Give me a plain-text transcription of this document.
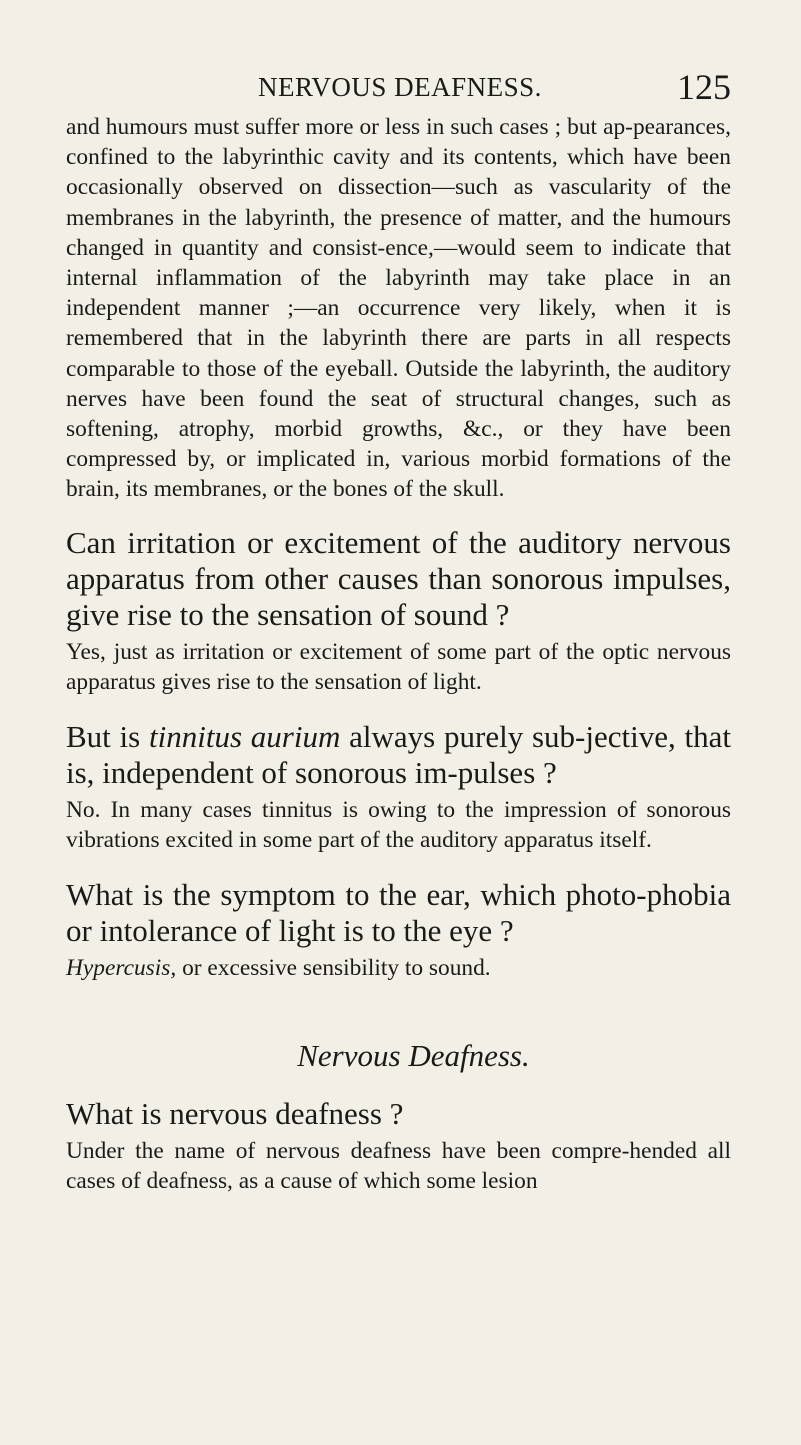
NERVOUS DEAFNESS.	125

and humours must suffer more or less in such cases ; but ap-pearances, confined to the labyrinthic cavity and its contents, which have been occasionally observed on dissection—such as vascularity of the membranes in the labyrinth, the presence of matter, and the humours changed in quantity and consist-ence,—would seem to indicate that internal inflammation of the labyrinth may take place in an independent manner ;—an occurrence very likely, when it is remembered that in the labyrinth there are parts in all respects comparable to those of the eyeball. Outside the labyrinth, the auditory nerves have been found the seat of structural changes, such as softening, atrophy, morbid growths, &c., or they have been compressed by, or implicated in, various morbid formations of the brain, its membranes, or the bones of the skull.

Can irritation or excitement of the auditory nervous apparatus from other causes than sonorous impulses, give rise to the sensation of sound ?

Yes, just as irritation or excitement of some part of the optic nervous apparatus gives rise to the sensation of light.

But is tinnitus aurium always purely sub-jective, that is, independent of sonorous im-pulses ?

No. In many cases tinnitus is owing to the impression of sonorous vibrations excited in some part of the auditory apparatus itself.

What is the symptom to the ear, which photo-phobia or intolerance of light is to the eye ?

Hypercusis, or excessive sensibility to sound.

Nervous Deafness.

What is nervous deafness ?

Under the name of nervous deafness have been compre-hended all cases of deafness, as a cause of which some lesion
